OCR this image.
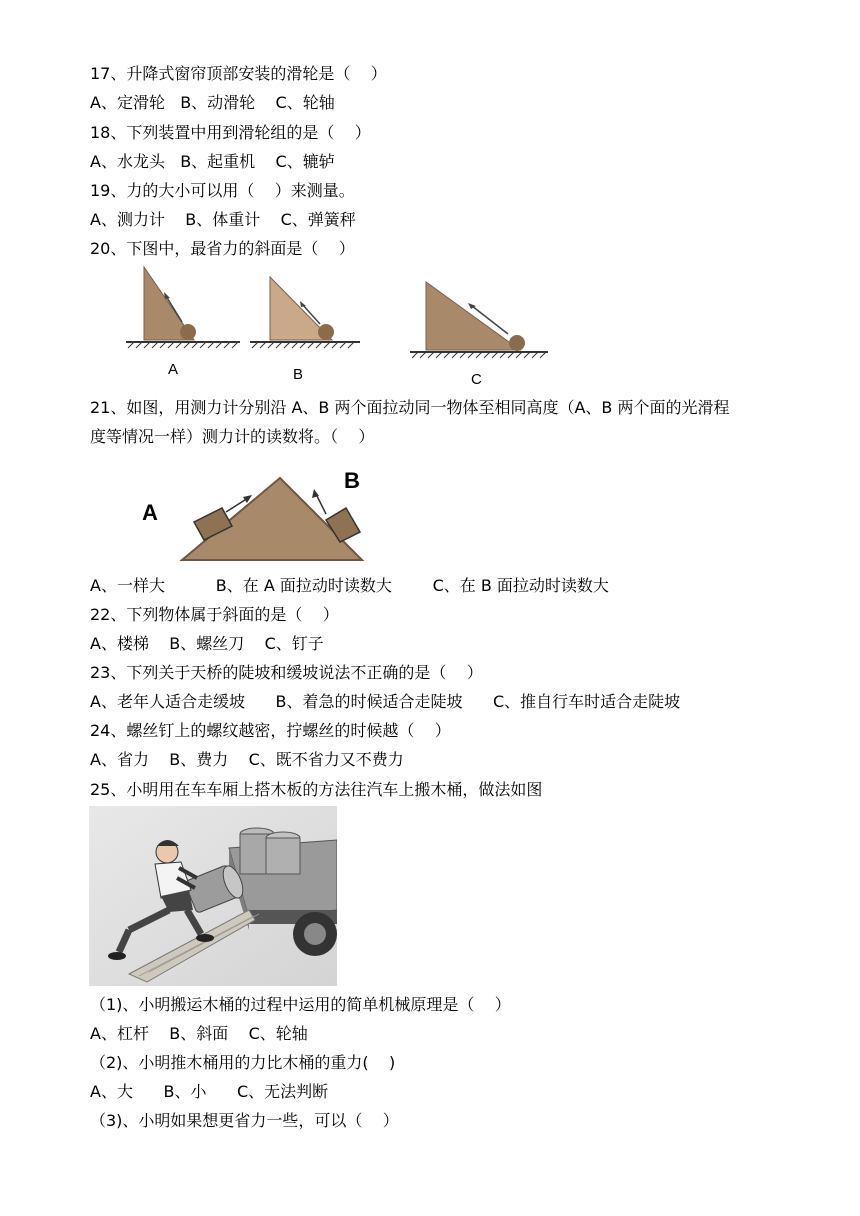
17、升降式窗帘顶部安装的滑轮是（    ）
A、定滑轮   B、动滑轮    C、轮轴
18、下列装置中用到滑轮组的是（    ）
A、水龙头   B、起重机    C、辘轳
19、力的大小可以用（    ）来测量。
A、测力计    B、体重计    C、弹簧秤
20、下图中，最省力的斜面是（    ）
A	B	C
21、如图，用测力计分别沿 A、B 两个面拉动同一物体至相同高度（A、B 两个面的光滑程
度等情况一样）测力计的读数将。（    ）
A
B
A、一样大          B、在 A 面拉动时读数大        C、在 B 面拉动时读数大
22、下列物体属于斜面的是（    ）
A、楼梯    B、螺丝刀    C、钉子
23、下列关于天桥的陡坡和缓坡说法不正确的是（    ）
A、老年人适合走缓坡      B、着急的时候适合走陡坡      C、推自行车时适合走陡坡
24、螺丝钉上的螺纹越密，拧螺丝的时候越（    ）
A、省力    B、费力    C、既不省力又不费力
25、小明用在车车厢上搭木板的方法往汽车上搬木桶，做法如图
（1)、小明搬运木桶的过程中运用的简单机械原理是（    ）
A、杠杆    B、斜面    C、轮轴
（2)、小明推木桶用的力比木桶的重力(    )
A、大      B、小      C、无法判断
（3)、小明如果想更省力一些，可以（    ）
